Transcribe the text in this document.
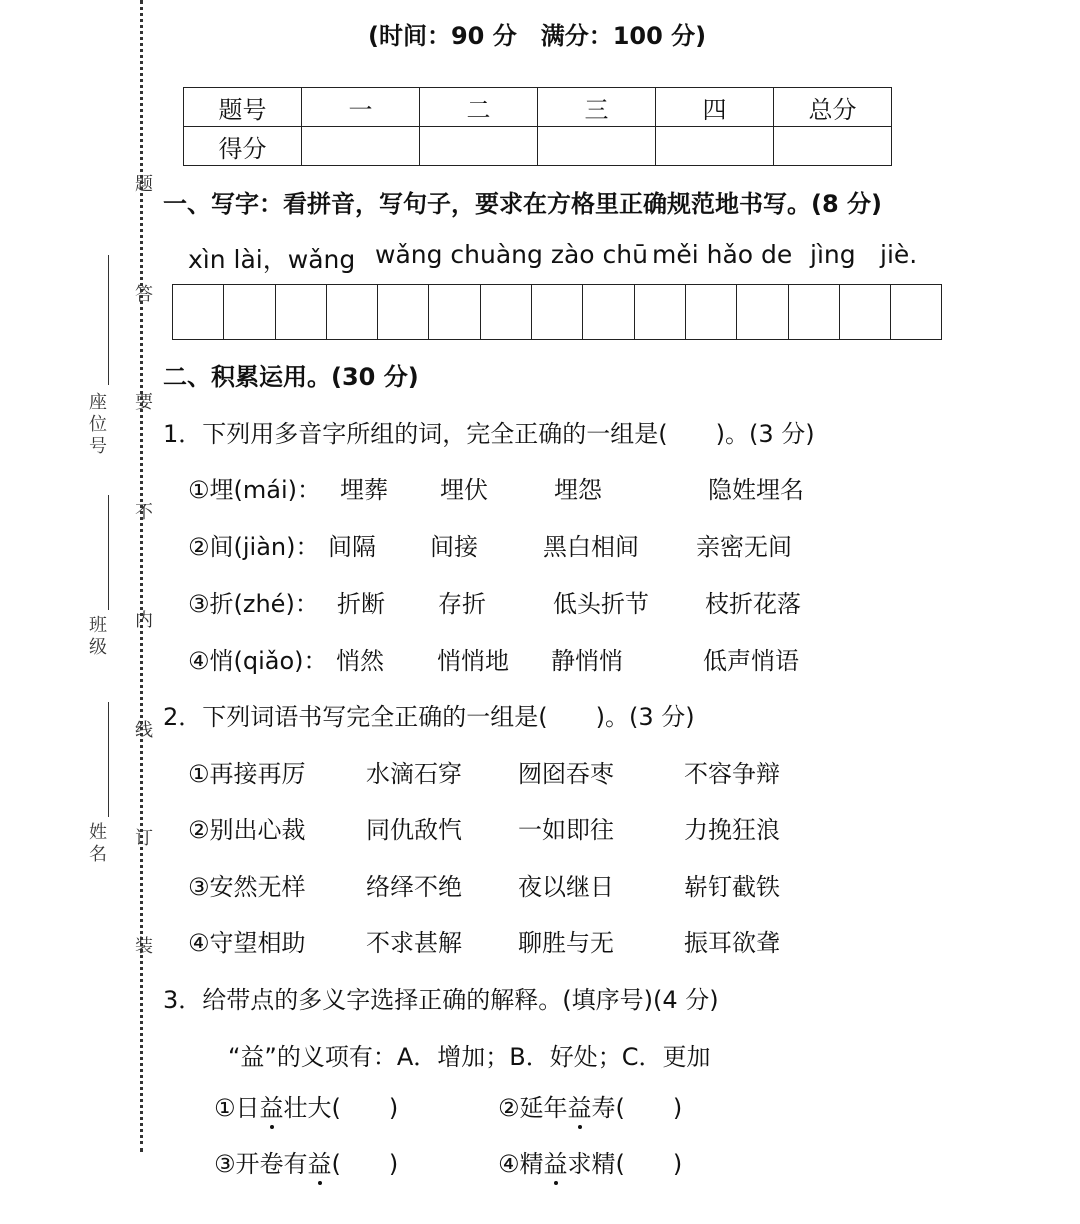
题
答
要
不
内
线
订
装
座位号
班级
姓名
(时间：90 分　满分：100 分)
题号	一	二	三	四	总分
得分					
一、写字：看拼音，写句子，要求在方格里正确规范地书写。(8 分)
xìn lài，wǎng wǎng chuàng zào chū měi hǎo de jìng jiè.
二、积累运用。(30 分)
1．下列用多音字所组的词，完全正确的一组是(　　)。(3 分)
①埋(mái)： 埋葬 埋伏	埋怨	隐姓埋名
②间(jiàn)： 间隔 间接	黑白相间 亲密无间
③折(zhé)： 折断 存折	低头折节 枝折花落
④悄(qiǎo)： 悄然 悄悄地 静悄悄	低声悄语
2．下列词语书写完全正确的一组是(　　)。(3 分)
①再接再厉	水滴石穿 囫囵吞枣	不容争辩
②别出心裁	同仇敌忾 一如即往	力挽狂浪
③安然无样	络绎不绝 夜以继日	崭钉截铁
④守望相助	不求甚解 聊胜与无	振耳欲聋
3．给带点的多义字选择正确的解释。(填序号)(4 分)
“益”的义项有：A．增加；B．好处；C．更加
①日益壮大(　　)	②延年益寿(　　)
③开卷有益(　　)	④精益求精(　　)
